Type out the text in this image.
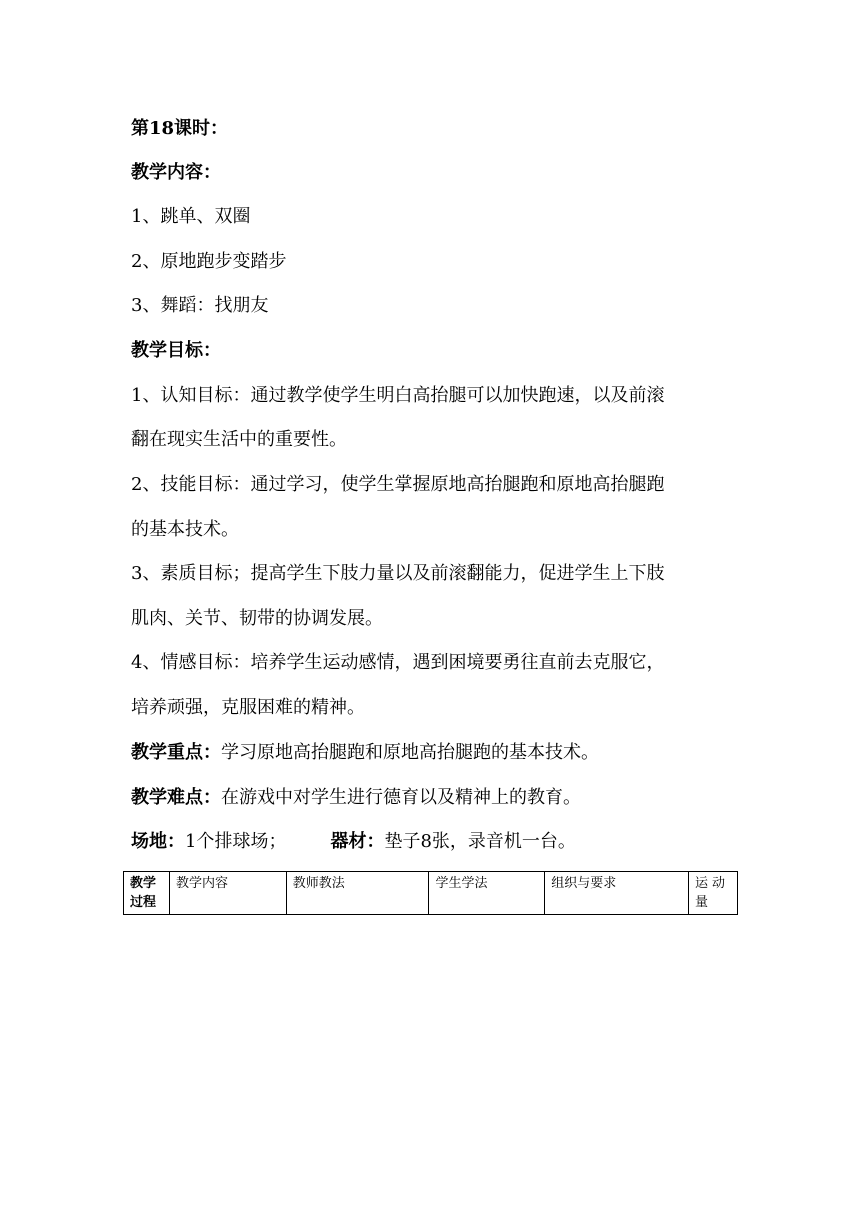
第18课时：
教学内容：
1、跳单、双圈
2、原地跑步变踏步
3、舞蹈：找朋友
教学目标：
1、认知目标：通过教学使学生明白高抬腿可以加快跑速，以及前滚
翻在现实生活中的重要性。
2、技能目标：通过学习，使学生掌握原地高抬腿跑和原地高抬腿跑
的基本技术。
3、素质目标；提高学生下肢力量以及前滚翻能力，促进学生上下肢
肌肉、关节、韧带的协调发展。
4、情感目标：培养学生运动感情，遇到困境要勇往直前去克服它，
培养顽强，克服困难的精神。
教学重点：学习原地高抬腿跑和原地高抬腿跑的基本技术。
教学难点：在游戏中对学生进行德育以及精神上的教育。
场地：1个排球场； 器材：垫子8张，录音机一台。
教学过程	教学内容	教师教法	学生学法	组织与要求	运动量
